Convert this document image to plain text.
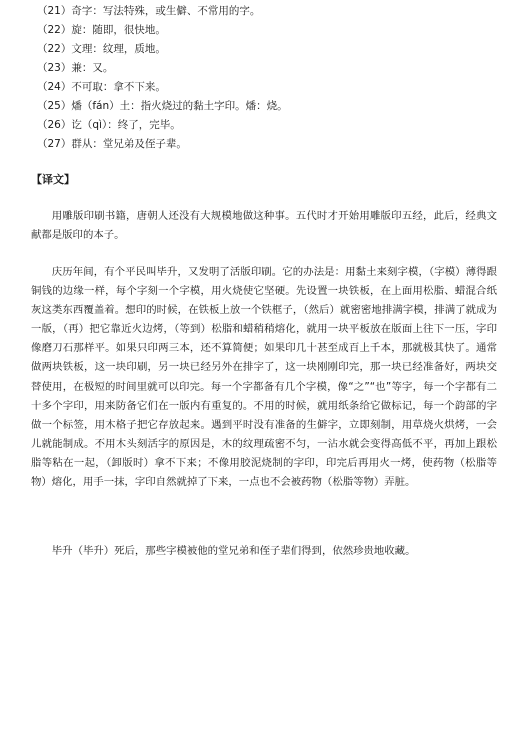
（21）奇字：写法特殊，或生僻、不常用的字。
（22）旋：随即，很快地。
（22）文理：纹理，质地。
（23）兼：又。
（24）不可取：拿不下来。
（25）燔（fán）土：指火烧过的黏土字印。燔：烧。
（26）讫（qì）：终了，完毕。
（27）群从：堂兄弟及侄子辈。
【译文】

用雕版印刷书籍，唐朝人还没有大规模地做这种事。五代时才开始用雕版印五经，此后，经典文献都是版印的本子。

庆历年间，有个平民叫毕升，又发明了活版印刷。它的办法是：用黏土来刻字模，（字模）薄得跟铜钱的边缘一样，每个字刻一个字模，用火烧使它坚硬。先设置一块铁板，在上面用松脂、蜡混合纸灰这类东西覆盖着。想印的时候，在铁板上放一个铁框子，（然后）就密密地排满字模，排满了就成为一版，（再）把它靠近火边烤，（等到）松脂和蜡稍稍熔化，就用一块平板放在版面上往下一压，字印像磨刀石那样平。如果只印两三本，还不算简便；如果印几十甚至成百上千本，那就极其快了。通常做两块铁板，这一块印刷，另一块已经另外在排字了，这一块刚刚印完，那一块已经准备好，两块交替使用，在极短的时间里就可以印完。每一个字都备有几个字模，像“之”“也”等字，每一个字都有二十多个字印，用来防备它们在一版内有重复的。不用的时候，就用纸条给它做标记，每一个韵部的字做一个标签，用木格子把它存放起来。遇到平时没有准备的生僻字，立即刻制，用草烧火烘烤，一会儿就能制成。不用木头刻活字的原因是，木的纹理疏密不匀，一沾水就会变得高低不平，再加上跟松脂等粘在一起，（卸版时）拿不下来；不像用胶泥烧制的字印，印完后再用火一烤，使药物（松脂等物）熔化，用手一抹，字印自然就掉了下来，一点也不会被药物（松脂等物）弄脏。

毕升（毕升）死后，那些字模被他的堂兄弟和侄子辈们得到，依然珍贵地收藏。
